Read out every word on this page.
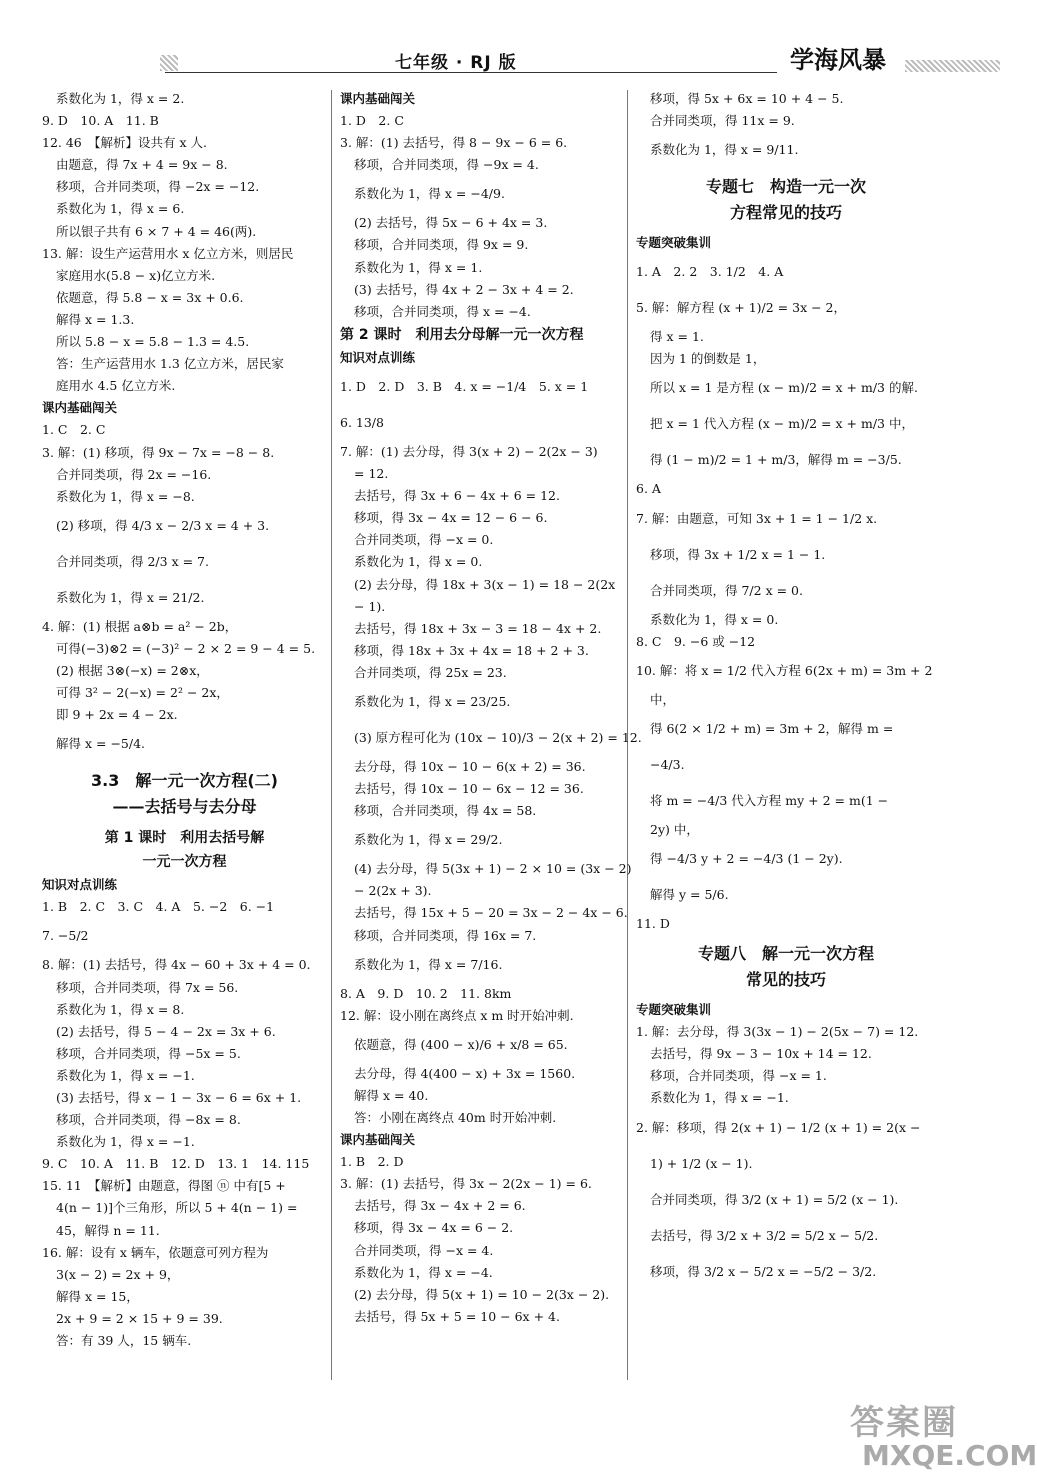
七年级 · RJ 版	学海风暴
系数化为 1，得 x = 2.
9. D　10. A　11. B
12. 46　【解析】设共有 x 人.
由题意，得 7x + 4 = 9x − 8.
移项，合并同类项，得 −2x = −12.
系数化为 1，得 x = 6.
所以银子共有 6 × 7 + 4 = 46(两).
13. 解：设生产运营用水 x 亿立方米，则居民
家庭用水(5.8 − x)亿立方米.
依题意，得 5.8 − x = 3x + 0.6.
解得 x = 1.3.
所以 5.8 − x = 5.8 − 1.3 = 4.5.
答：生产运营用水 1.3 亿立方米，居民家
庭用水 4.5 亿立方米.
课内基础闯关
1. C　2. C
3. 解：(1) 移项，得 9x − 7x = −8 − 8.
合并同类项，得 2x = −16.
系数化为 1，得 x = −8.
(2) 移项，得 4/3 x − 2/3 x = 4 + 3.
合并同类项，得 2/3 x = 7.
系数化为 1，得 x = 21/2.
4. 解：(1) 根据 a⊗b = a² − 2b，
可得(−3)⊗2 = (−3)² − 2 × 2 = 9 − 4 = 5.
(2) 根据 3⊗(−x) = 2⊗x，
可得 3² − 2(−x) = 2² − 2x，
即 9 + 2x = 4 − 2x.
解得 x = −5/4.
3.3　解一元一次方程(二)
——去括号与去分母
第 1 课时　利用去括号解
一元一次方程
知识对点训练
1. B　2. C　3. C　4. A　5. −2　6. −1
7. −5/2
8. 解：(1) 去括号，得 4x − 60 + 3x + 4 = 0.
移项，合并同类项，得 7x = 56.
系数化为 1，得 x = 8.
(2) 去括号，得 5 − 4 − 2x = 3x + 6.
移项，合并同类项，得 −5x = 5.
系数化为 1，得 x = −1.
(3) 去括号，得 x − 1 − 3x − 6 = 6x + 1.
移项，合并同类项，得 −8x = 8.
系数化为 1，得 x = −1.
9. C　10. A　11. B　12. D　13. 1　14. 115
15. 11　【解析】由题意，得图 ⓝ 中有[5 +
4(n − 1)]个三角形，所以 5 + 4(n − 1) =
45，解得 n = 11.
16. 解：设有 x 辆车，依题意可列方程为
3(x − 2) = 2x + 9，
解得 x = 15，
2x + 9 = 2 × 15 + 9 = 39.
答：有 39 人，15 辆车.
课内基础闯关
1. D　2. C
3. 解：(1) 去括号，得 8 − 9x − 6 = 6.
移项，合并同类项，得 −9x = 4.
系数化为 1，得 x = −4/9.
(2) 去括号，得 5x − 6 + 4x = 3.
移项，合并同类项，得 9x = 9.
系数化为 1，得 x = 1.
(3) 去括号，得 4x + 2 − 3x + 4 = 2.
移项，合并同类项，得 x = −4.
第 2 课时　利用去分母解一元一次方程
知识对点训练
1. D　2. D　3. B　4. x = −1/4　5. x = 1
6. 13/8
7. 解：(1) 去分母，得 3(x + 2) − 2(2x − 3)
= 12.
去括号，得 3x + 6 − 4x + 6 = 12.
移项，得 3x − 4x = 12 − 6 − 6.
合并同类项，得 −x = 0.
系数化为 1，得 x = 0.
(2) 去分母，得 18x + 3(x − 1) = 18 − 2(2x
− 1).
去括号，得 18x + 3x − 3 = 18 − 4x + 2.
移项，得 18x + 3x + 4x = 18 + 2 + 3.
合并同类项，得 25x = 23.
系数化为 1，得 x = 23/25.
(3) 原方程可化为 (10x − 10)/3 − 2(x + 2) = 12.
去分母，得 10x − 10 − 6(x + 2) = 36.
去括号，得 10x − 10 − 6x − 12 = 36.
移项，合并同类项，得 4x = 58.
系数化为 1，得 x = 29/2.
(4) 去分母，得 5(3x + 1) − 2 × 10 = (3x − 2)
− 2(2x + 3).
去括号，得 15x + 5 − 20 = 3x − 2 − 4x − 6.
移项，合并同类项，得 16x = 7.
系数化为 1，得 x = 7/16.
8. A　9. D　10. 2　11. 8km
12. 解：设小刚在离终点 x m 时开始冲刺.
依题意，得 (400 − x)/6 + x/8 = 65.
去分母，得 4(400 − x) + 3x = 1560.
解得 x = 40.
答：小刚在离终点 40m 时开始冲刺.
课内基础闯关
1. B　2. D
3. 解：(1) 去括号，得 3x − 2(2x − 1) = 6.
去括号，得 3x − 4x + 2 = 6.
移项，得 3x − 4x = 6 − 2.
合并同类项，得 −x = 4.
系数化为 1，得 x = −4.
(2) 去分母，得 5(x + 1) = 10 − 2(3x − 2).
去括号，得 5x + 5 = 10 − 6x + 4.
移项，得 5x + 6x = 10 + 4 − 5.
合并同类项，得 11x = 9.
系数化为 1，得 x = 9/11.
专题七　构造一元一次
方程常见的技巧
专题突破集训
1. A　2. 2　3. 1/2　4. A
5. 解：解方程 (x + 1)/2 = 3x − 2，
得 x = 1.
因为 1 的倒数是 1，
所以 x = 1 是方程 (x − m)/2 = x + m/3 的解.
把 x = 1 代入方程 (x − m)/2 = x + m/3 中，
得 (1 − m)/2 = 1 + m/3，解得 m = −3/5.
6. A
7. 解：由题意，可知 3x + 1 = 1 − 1/2 x.
移项，得 3x + 1/2 x = 1 − 1.
合并同类项，得 7/2 x = 0.
系数化为 1，得 x = 0.
8. C　9. −6 或 −12
10. 解：将 x = 1/2 代入方程 6(2x + m) = 3m + 2
中，
得 6(2 × 1/2 + m) = 3m + 2，解得 m =
−4/3.
将 m = −4/3 代入方程 my + 2 = m(1 −
2y) 中，
得 −4/3 y + 2 = −4/3 (1 − 2y).
解得 y = 5/6.
11. D
专题八　解一元一次方程
常见的技巧
专题突破集训
1. 解：去分母，得 3(3x − 1) − 2(5x − 7) = 12.
去括号，得 9x − 3 − 10x + 14 = 12.
移项，合并同类项，得 −x = 1.
系数化为 1，得 x = −1.
2. 解：移项，得 2(x + 1) − 1/2 (x + 1) = 2(x −
1) + 1/2 (x − 1).
合并同类项，得 3/2 (x + 1) = 5/2 (x − 1).
去括号，得 3/2 x + 3/2 = 5/2 x − 5/2.
移项，得 3/2 x − 5/2 x = −5/2 − 3/2.
答案圈
MXQE.COM
